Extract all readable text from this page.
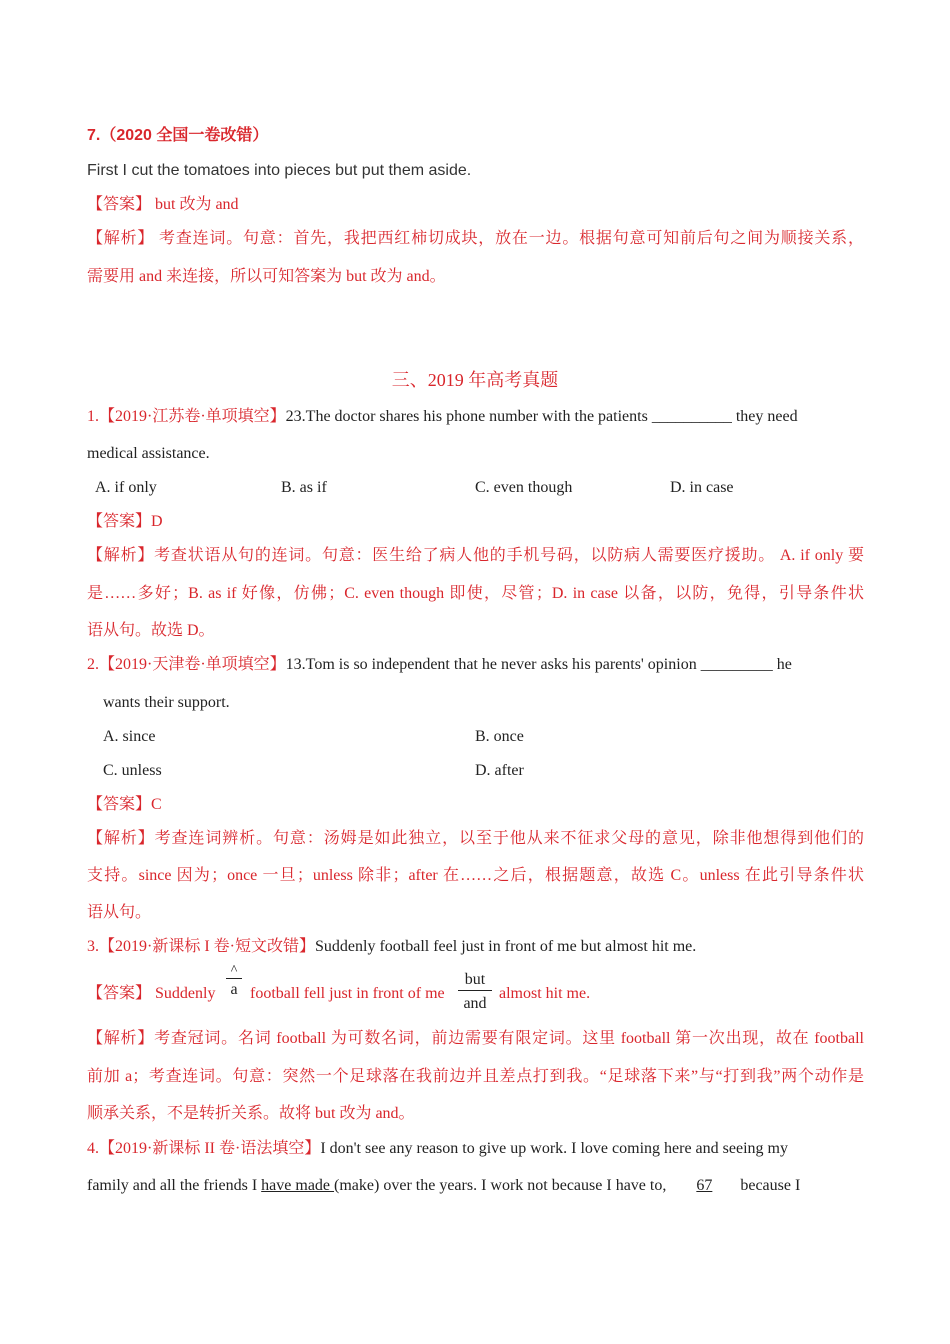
7.（2020 全国一卷改错）
First I cut the tomatoes into pieces but put them aside.
【答案】 but 改为 and
【解析】 考查连词。句意：首先，我把西红柿切成块，放在一边。根据句意可知前后句之间为顺接关系，
需要用 and 来连接，所以可知答案为 but 改为 and。
三、2019 年高考真题
1.【2019·江苏卷·单项填空】23.The doctor shares his phone number with the patients __________ they need
medical assistance.
A. if only	B. as if	C. even though	D. in case
【答案】D
【解析】考查状语从句的连词。句意：医生给了病人他的手机号码，以防病人需要医疗援助。 A. if only 要
是……多好；B. as if 好像，仿佛；C. even though 即使，尽管；D. in case 以备，以防，免得，引导条件状
语从句。故选 D。
2.【2019·天津卷·单项填空】13.Tom is so independent that he never asks his parents' opinion _________ he
wants their support.
A. since	B. once
C. unless	D. after
【答案】C
【解析】考查连词辨析。句意：汤姆是如此独立，以至于他从来不征求父母的意见，除非他想得到他们的
支持。since 因为；once 一旦；unless 除非；after 在……之后，根据题意，故选 C。unless 在此引导条件状
语从句。
3.【2019·新课标 I 卷·短文改错】Suddenly football feel just in front of me but almost hit me.
【答案】 Suddenly
^
a football fell just in front of me
but
and
almost hit me.
【解析】考查冠词。名词 football 为可数名词，前边需要有限定词。这里 football 第一次出现，故在 football
前加 a；考查连词。句意：突然一个足球落在我前边并且差点打到我。“足球落下来”与“打到我”两个动作是
顺承关系，不是转折关系。故将 but 改为 and。
4.【2019·新课标 II 卷·语法填空】I don't see any reason to give up work. I love coming here and seeing my
family and all the friends I have made (make) over the years. I work not because I have to, 67 because I
